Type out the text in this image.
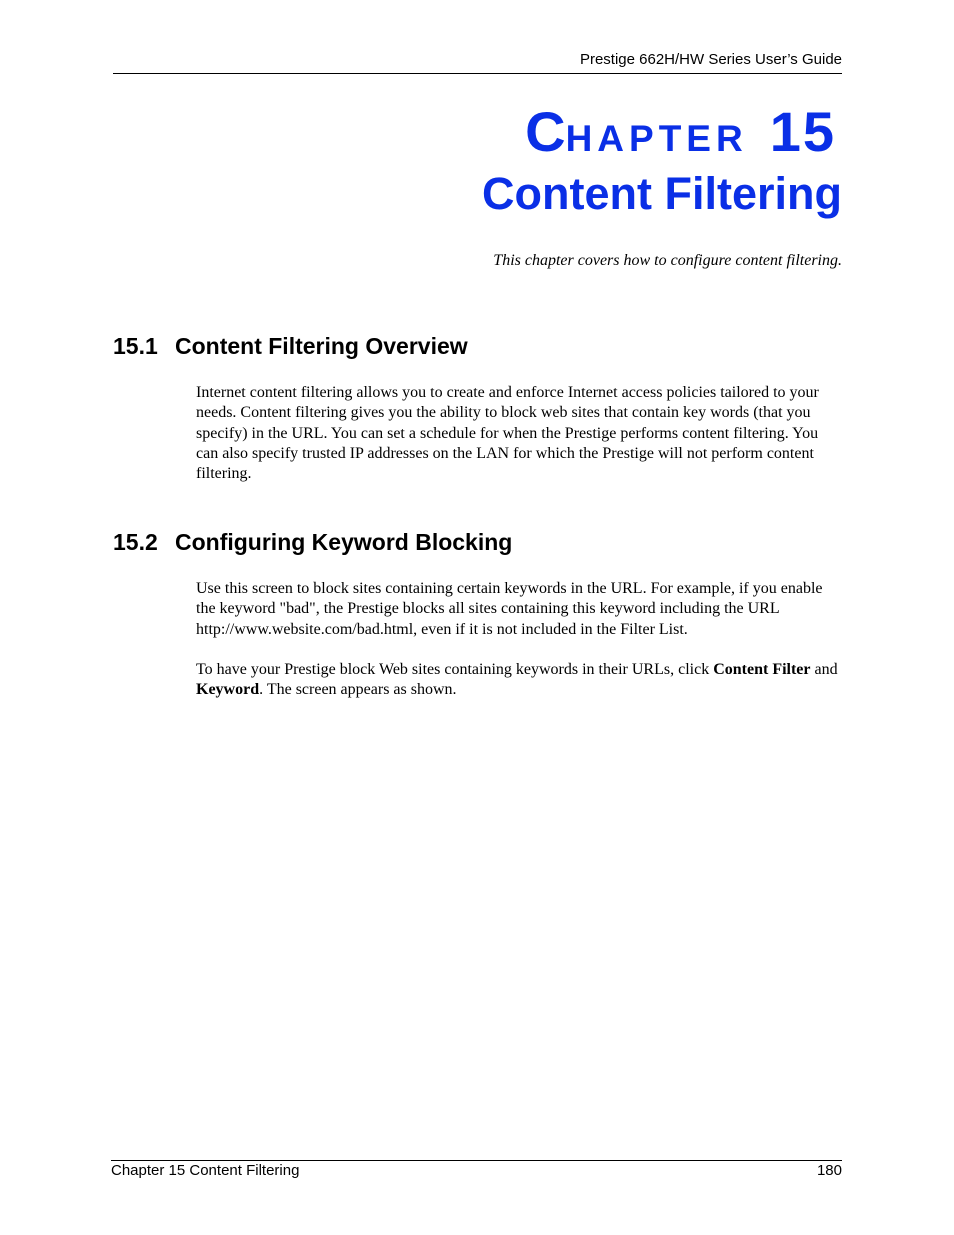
Prestige 662H/HW Series User’s Guide
CHAPTER 15
Content Filtering
This chapter covers how to configure content filtering.
15.1 Content Filtering Overview
Internet content filtering allows you to create and enforce Internet access policies tailored to your needs. Content filtering gives you the ability to block web sites that contain key words (that you specify) in the URL. You can set a schedule for when the Prestige performs content filtering. You can also specify trusted IP addresses on the LAN for which the Prestige will not perform content filtering.
15.2 Configuring Keyword Blocking
Use this screen to block sites containing certain keywords in the URL. For example, if you enable the keyword "bad", the Prestige blocks all sites containing this keyword including the URL http://www.website.com/bad.html, even if it is not included in the Filter List.
To have your Prestige block Web sites containing keywords in their URLs, click Content Filter and Keyword. The screen appears as shown.
Chapter 15 Content Filtering	180
